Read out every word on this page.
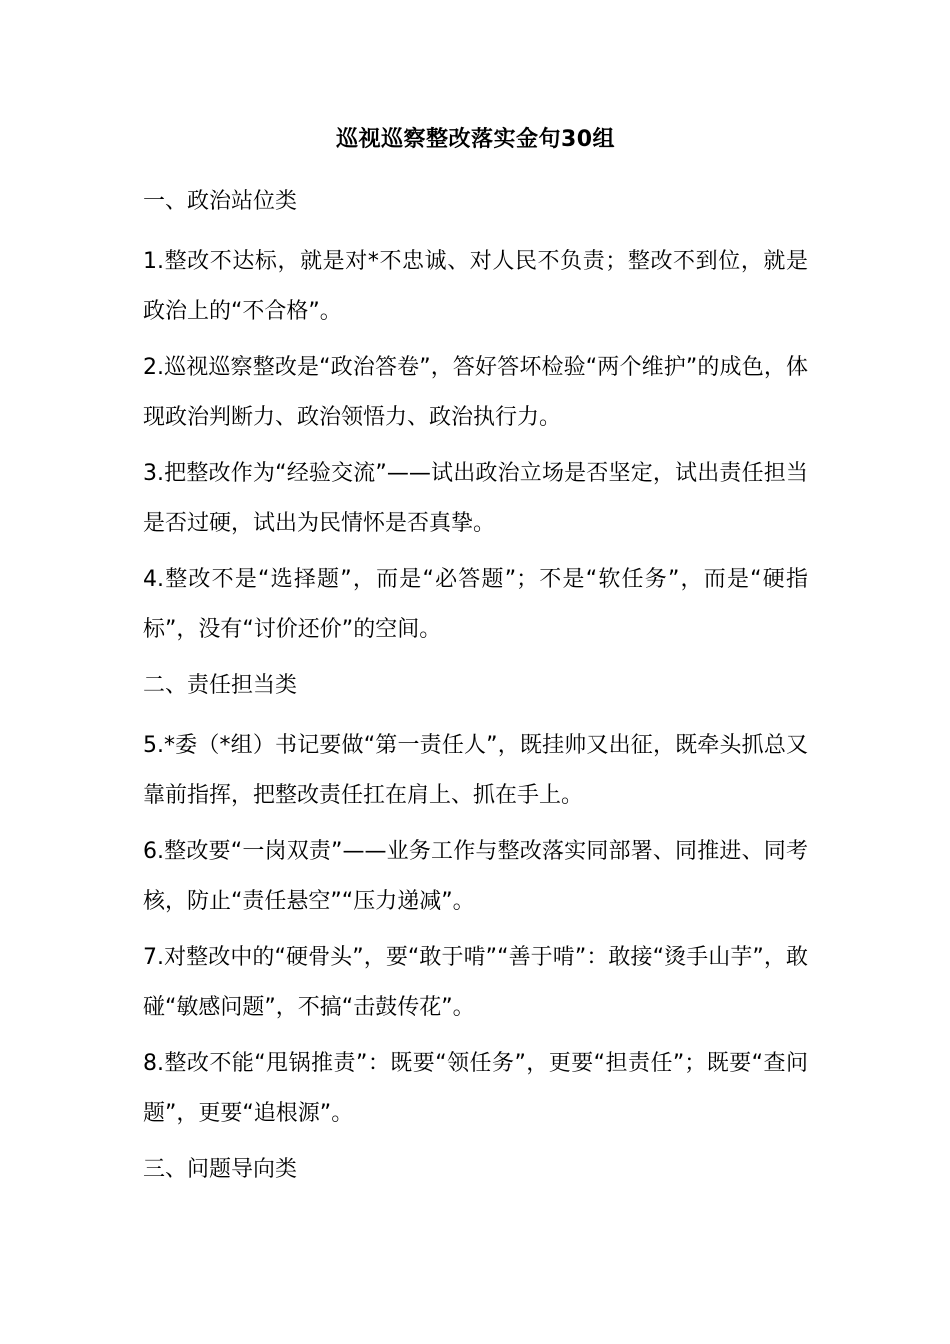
巡视巡察整改落实金句30组
一、政治站位类
1.整改不达标，就是对*不忠诚、对人民不负责；整改不到位，就是政治上的“不合格”。
2.巡视巡察整改是“政治答卷”，答好答坏检验“两个维护”的成色，体现政治判断力、政治领悟力、政治执行力。
3.把整改作为“经验交流”——试出政治立场是否坚定，试出责任担当是否过硬，试出为民情怀是否真挚。
4.整改不是“选择题”，而是“必答题”；不是“软任务”，而是“硬指标”，没有“讨价还价”的空间。
二、责任担当类
5.*委（*组）书记要做“第一责任人”，既挂帅又出征，既牵头抓总又靠前指挥，把整改责任扛在肩上、抓在手上。
6.整改要“一岗双责”——业务工作与整改落实同部署、同推进、同考核，防止“责任悬空”“压力递减”。
7.对整改中的“硬骨头”，要“敢于啃”“善于啃”：敢接“烫手山芋”，敢碰“敏感问题”，不搞“击鼓传花”。
8.整改不能“甩锅推责”：既要“领任务”，更要“担责任”；既要“查问题”，更要“追根源”。
三、问题导向类
